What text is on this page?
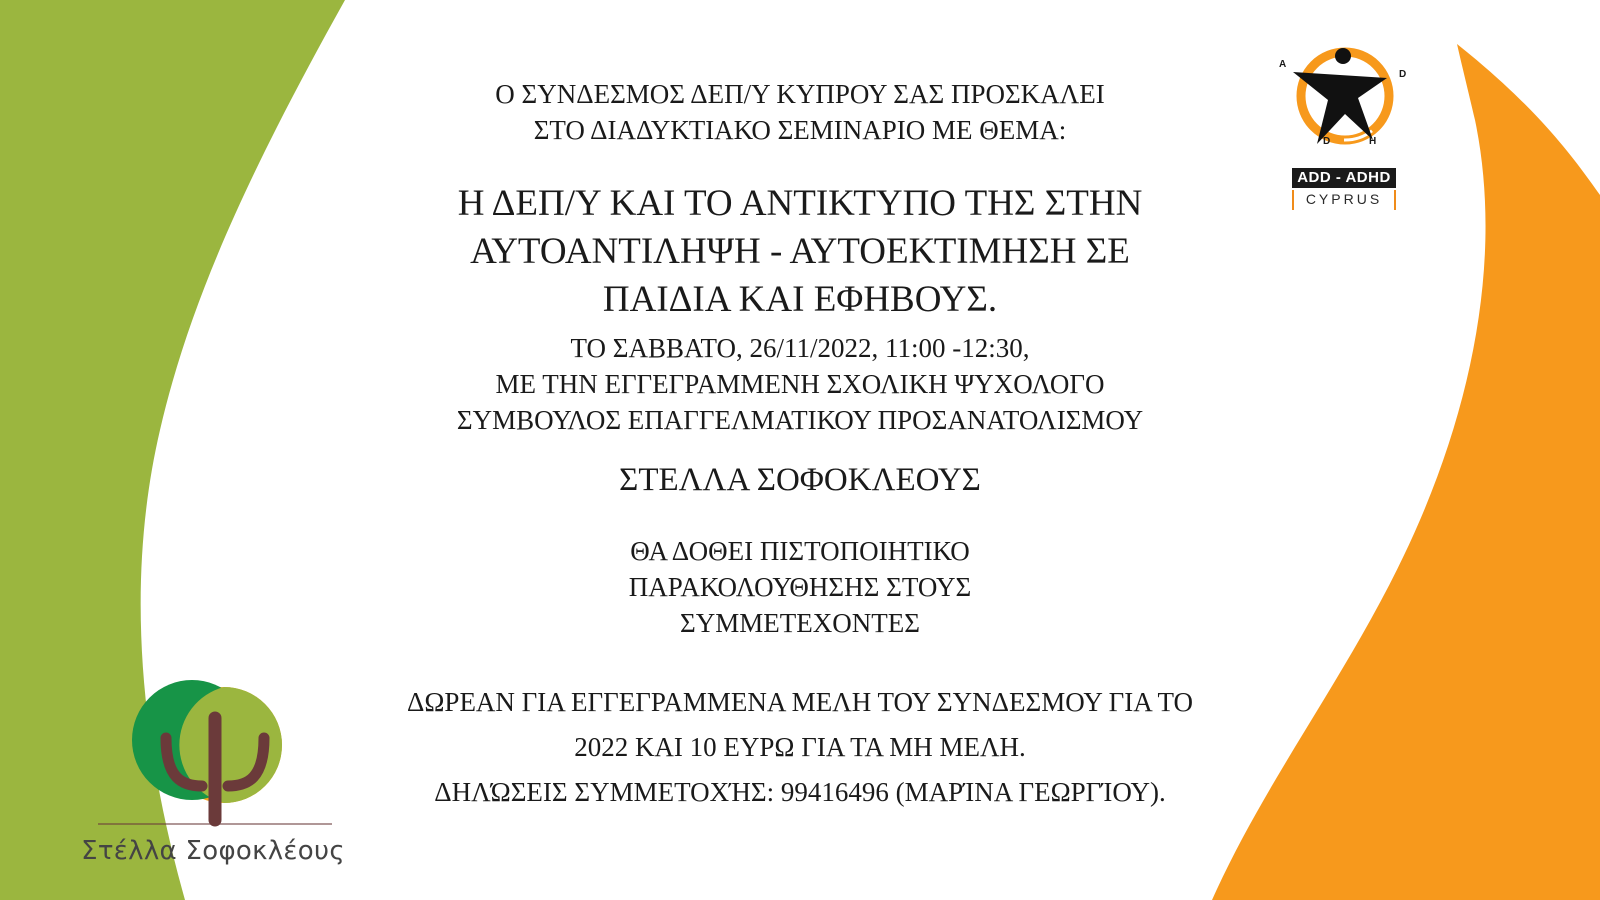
Ο ΣΥΝΔΕΣΜΟΣ ΔΕΠ/Υ ΚΥΠΡΟΥ ΣΑΣ ΠΡΟΣΚΑΛΕΙ
ΣΤΟ ΔΙΑΔΥΚΤΙΑΚΟ ΣΕΜΙΝΑΡΙΟ ΜΕ ΘΕΜΑ:

Η ΔΕΠ/Υ ΚΑΙ ΤΟ ΑΝΤΙΚΤΥΠΟ ΤΗΣ ΣΤΗΝ
ΑΥΤΟΑΝΤΙΛΗΨΗ - ΑΥΤΟΕΚΤΙΜΗΣΗ ΣΕ
ΠΑΙΔΙΑ ΚΑΙ ΕΦΗΒΟΥΣ.

ΤΟ ΣΑΒΒΑΤΟ, 26/11/2022, 11:00 -12:30,
ΜΕ ΤΗΝ ΕΓΓΕΓΡΑΜΜΕΝΗ ΣΧΟΛΙΚΗ ΨΥΧΟΛΟΓΟ
ΣΥΜΒΟΥΛΟΣ ΕΠΑΓΓΕΛΜΑΤΙΚΟΥ ΠΡΟΣΑΝΑΤΟΛΙΣΜΟΥ

ΣΤΕΛΛΑ ΣΟΦΟΚΛΕΟΥΣ

ΘΑ ΔΟΘΕΙ ΠΙΣΤΟΠΟΙΗΤΙΚΟ
ΠΑΡΑΚΟΛΟΥΘΗΣΗΣ ΣΤΟΥΣ
ΣΥΜΜΕΤΕΧΟΝΤΕΣ

ΔΩΡΕΑΝ ΓΙΑ ΕΓΓΕΓΡΑΜΜΕΝΑ ΜΕΛΗ ΤΟΥ ΣΥΝΔΕΣΜΟΥ ΓΙΑ ΤΟ
2022 ΚΑΙ 10 ΕΥΡΩ ΓΙΑ ΤΑ ΜΗ ΜΕΛΗ.
ΔΗΛΏΣΕΙΣ ΣΥΜΜΕΤΟΧΉΣ: 99416496 (ΜΑΡΊΝΑ ΓΕΩΡΓΊΟΥ).

A
D
D	H
ADD - ADHD
CYPRUS
Στέλλα Σοφοκλέους
